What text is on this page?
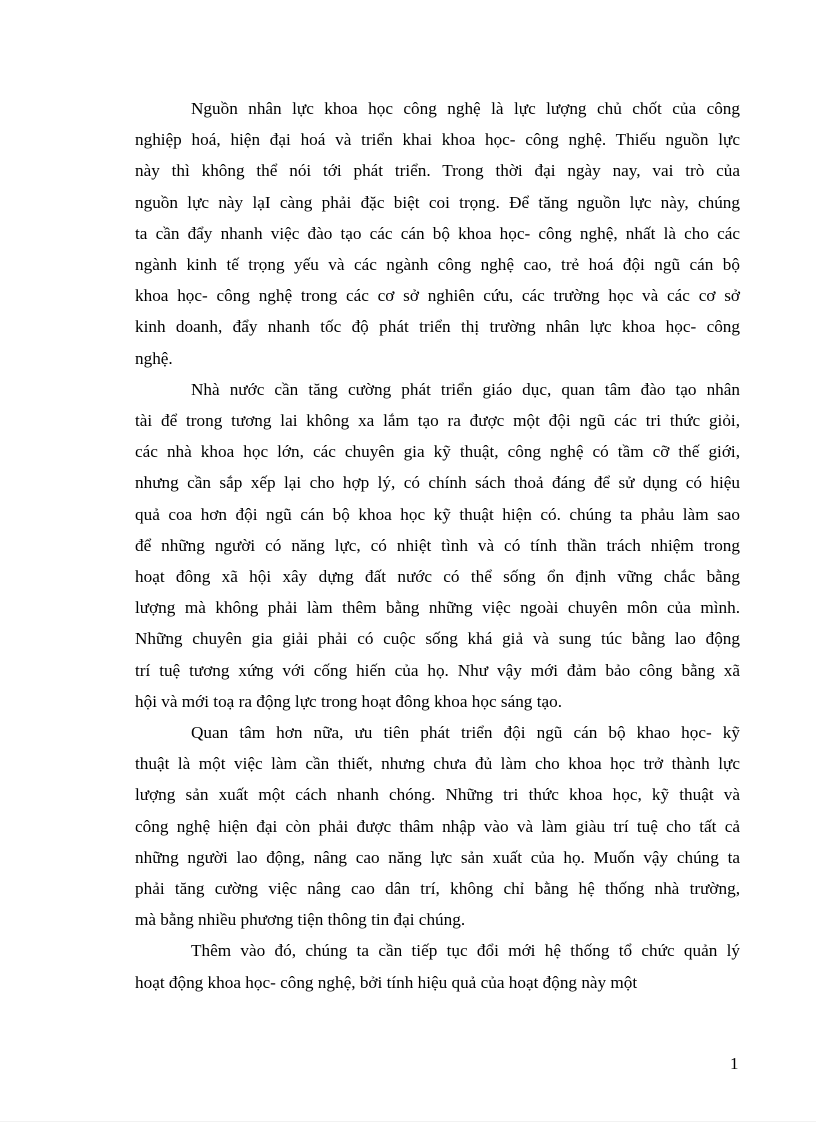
Nguồn nhân lực khoa học công nghệ là lực lượng chủ chốt của công
nghiệp hoá, hiện đại hoá và triển khai khoa học- công nghệ. Thiếu nguồn lực
này thì không thể nói tới phát triển. Trong thời đại ngày nay, vai trò của
nguồn lực này lạI càng phải đặc biệt coi trọng. Để tăng nguồn lực này, chúng
ta cần đẩy nhanh việc đào tạo các cán bộ khoa học- công nghệ, nhất là cho các
ngành kinh tế trọng yếu và các ngành công nghệ cao, trẻ hoá đội ngũ cán bộ
khoa học- công nghệ trong các cơ sở nghiên cứu, các trường học và các cơ sở
kinh doanh, đẩy nhanh tốc độ phát triển thị trường nhân lực khoa học- công
nghệ.

Nhà nước cần tăng cường phát triển giáo dục, quan tâm đào tạo nhân
tài để trong tương lai không xa lắm tạo ra được một đội ngũ các tri thức giỏi,
các nhà khoa học lớn, các chuyên gia kỹ thuật, công nghệ có tầm cỡ thế giới,
nhưng cần sắp xếp lại cho hợp lý, có chính sách thoả đáng để sử dụng có hiệu
quả coa hơn đội ngũ cán bộ khoa học kỹ thuật hiện có. chúng ta phảu làm sao
để những người có năng lực, có nhiệt tình và có tính thần trách nhiệm trong
hoạt đông xã hội xây dựng đất nước có thể sống ổn định vững chắc bằng
lượng mà không phải làm thêm bằng những việc ngoài chuyên môn của mình.
Những chuyên gia giải phải có cuộc sống khá giả và sung túc bằng lao động
trí tuệ tương xứng với cống hiến của họ. Như vậy mới đảm bảo công bằng xã
hội và mới toạ ra động lực trong hoạt đông khoa học sáng tạo.

Quan tâm hơn nữa, ưu tiên phát triển đội ngũ cán bộ khao học- kỹ
thuật là một việc làm cần thiết, nhưng chưa đủ làm cho khoa học trở thành lực
lượng sản xuất một cách nhanh chóng. Những tri thức khoa học, kỹ thuật và
công nghệ hiện đại còn phải được thâm nhập vào và làm giàu trí tuệ cho tất cả
những người lao động, nâng cao năng lực sản xuất của họ. Muốn vậy chúng ta
phải tăng cường việc nâng cao dân trí, không chỉ bằng hệ thống nhà trường,
mà bằng nhiều phương tiện thông tin đại chúng.

Thêm vào đó, chúng ta cần tiếp tục đổi mới hệ thống tổ chức quản lý
hoạt động khoa học- công nghệ, bởi tính hiệu quả của hoạt động này một

1
